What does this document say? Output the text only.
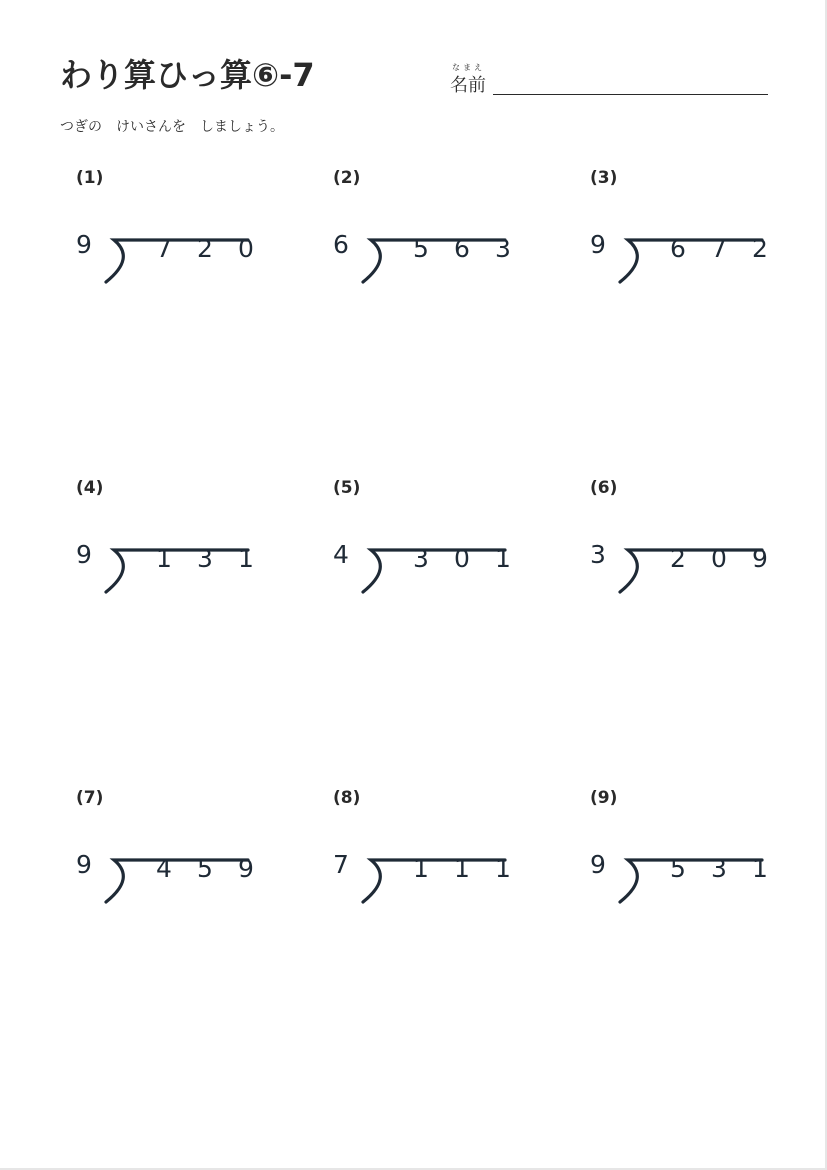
わり算ひっ算⑥-7	なまえ
名前
つぎの　けいさんを　しましょう。
(1)
9	7 2 0
(2)
6	5 6 3
(3)
9	6 7 2
(4)
9	1 3 1
(5)
4	3 0 1
(6)
3	2 0 9
(7)
9	4 5 9
(8)
7	1 1 1
(9)
9	5 3 1
